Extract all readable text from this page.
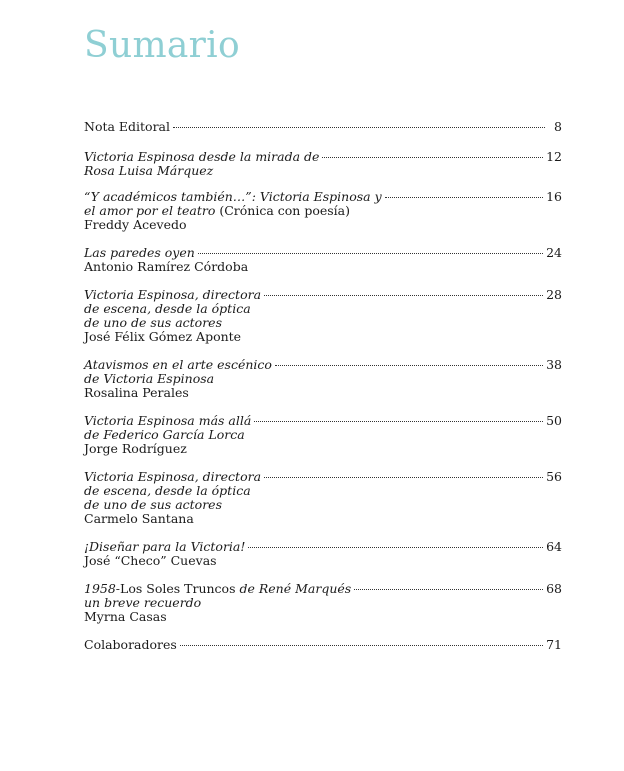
Sumario
Nota Editoral	8
Victoria Espinosa desde la mirada de	12
Rosa Luisa Márquez
“Y académicos también…”: Victoria Espinosa y	16
el amor por el teatro (Crónica con poesía)
Freddy Acevedo
Las paredes oyen	24
Antonio Ramírez Córdoba
Victoria Espinosa, directora	28
de escena, desde la óptica
de uno de sus actores
José Félix Gómez Aponte
Atavismos en el arte escénico	38
de Victoria Espinosa
Rosalina Perales
Victoria Espinosa más allá	50
de Federico García Lorca
Jorge Rodríguez
Victoria Espinosa, directora	56
de escena, desde la óptica
de uno de sus actores
Carmelo Santana
¡Diseñar para la Victoria!	64
José “Checo” Cuevas
1958-Los Soles Truncos de René Marqués	68
un breve recuerdo
Myrna Casas
Colaboradores	71
